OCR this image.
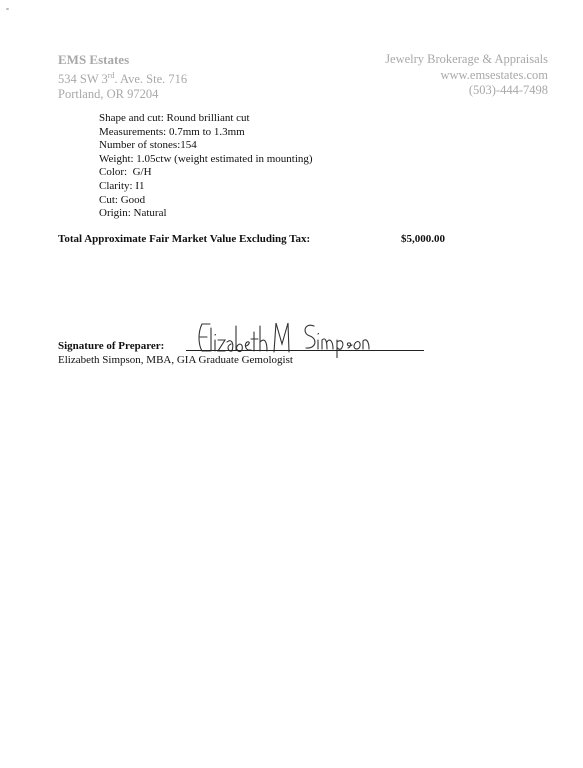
EMS Estates
534 SW 3rd. Ave. Ste. 716
Portland, OR 97204
Jewelry Brokerage & Appraisals
www.emsestates.com
(503)-444-7498
Shape and cut: Round brilliant cut
Measurements: 0.7mm to 1.3mm
Number of stones:154
Weight: 1.05ctw (weight estimated in mounting)
Color:  G/H
Clarity: I1
Cut: Good
Origin: Natural
Total Approximate Fair Market Value Excluding Tax:	$5,000.00
Signature of Preparer:
Elizabeth Simpson, MBA, GIA Graduate Gemologist
